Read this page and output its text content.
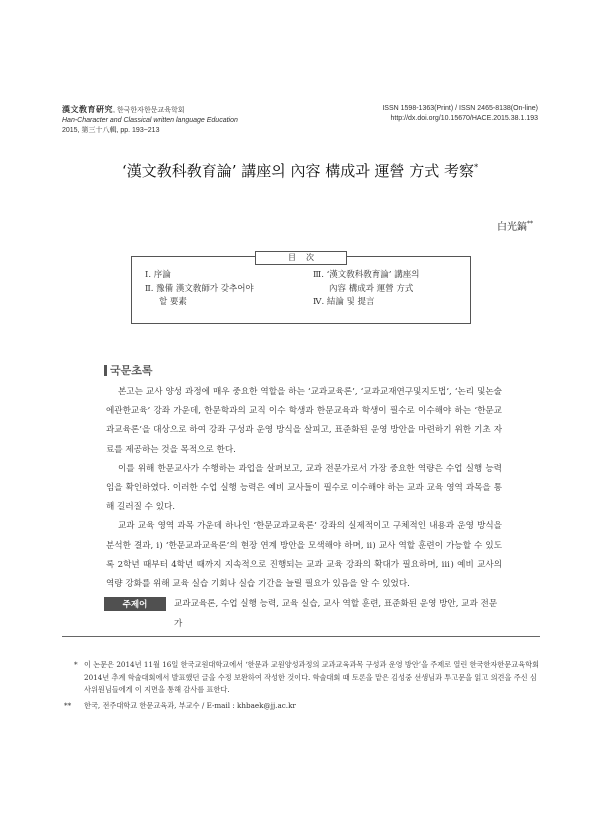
漢文敎育硏究, 한국한자한문교육학회
Han-Character and Classical written language Education
2015, 第三十八輯, pp. 193~213
ISSN 1598-1363(Print) / ISSN 2465-8138(On-line)
http://dx.doi.org/10.15670/HACE.2015.38.1.193
‘漢文敎科敎育論’ 講座의 內容 構成과 運營 方式 考察*
白光鎬**
目次
Ⅰ. 序論
Ⅱ. 豫備 漢文敎師가 갖추어야
할 要素
Ⅲ. ‘漢文敎科敎育論’ 講座의
內容 構成과 運營 方式
Ⅳ. 結論 및 提言
국문초록

본고는 교사 양성 과정에 매우 중요한 역할을 하는 ‘교과교육론’, ‘교과교재연구및지도법’, ‘논리 및논술에관한교육’ 강좌 가운데, 한문학과의 교직 이수 학생과 한문교육과 학생이 필수로 이수해야 하는 ‘한문교과교육론’을 대상으로 하여 강좌 구성과 운영 방식을 살피고, 표준화된 운영 방안을 마련하기 위한 기초 자료를 제공하는 것을 목적으로 한다.

이를 위해 한문교사가 수행하는 과업을 살펴보고, 교과 전문가로서 가장 중요한 역량은 수업 실행 능력임을 확인하였다. 이러한 수업 실행 능력은 예비 교사들이 필수로 이수해야 하는 교과 교육 영역 과목을 통해 길러질 수 있다.

교과 교육 영역 과목 가운데 하나인 ‘한문교과교육론’ 강좌의 실제적이고 구체적인 내용과 운영 방식을 분석한 결과, ⅰ) ‘한문교과교육론’의 현장 연계 방안을 모색해야 하며, ⅱ) 교사 역할 훈련이 가능할 수 있도록 2학년 때부터 4학년 때까지 지속적으로 진행되는 교과 교육 강좌의 확대가 필요하며, ⅲ) 예비 교사의 역량 강화를 위해 교육 실습 기회나 실습 기간을 늘릴 필요가 있음을 알 수 있었다.

주제어	교과교육론, 수업 실행 능력, 교육 실습, 교사 역할 훈련, 표준화된 운영 방안, 교과 전문가
* 이 논문은 2014년 11월 16일 한국교원대학교에서 ‘한문과 교원양성과정의 교과교육과목 구성과 운영 방안’을 주제로 열린 한국한자한문교육학회 2014년 추계 학술대회에서 발표했던 글을 수정 보완하여 작성한 것이다. 학술대회 때 토론을 맡은 김성중 선생님과 투고문을 읽고 의견을 주신 심사위원님들에게 이 지면을 통해 감사를 표한다.
** 한국, 전주대학교 한문교육과, 부교수 / E-mail : khbaek@jj.ac.kr
